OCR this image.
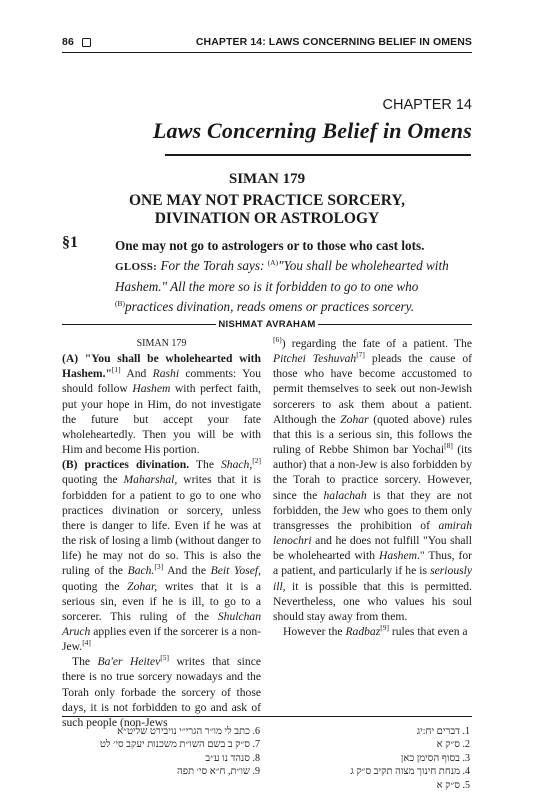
86	CHAPTER 14: LAWS CONCERNING BELIEF IN OMENS
CHAPTER 14
Laws Concerning Belief in Omens
SIMAN 179
ONE MAY NOT PRACTICE SORCERY,
DIVINATION OR ASTROLOGY
§1	One may not go to astrologers or to those who cast lots.
GLOSS: For the Torah says: $^{(A)}$"You shall be wholehearted with Hashem." All the more so is it forbidden to go to one who $^{(B)}$practices divination, reads omens or practices sorcery.
NISHMAT AVRAHAM

SIMAN 179

(A) "You shall be wholehearted with Hashem."[1] And Rashi comments: You should follow Hashem with perfect faith, put your hope in Him, do not investigate the future but accept your fate wholeheartedly. Then you will be with Him and become His portion.

(B) practices divination. The Shach,[2] quoting the Maharshal, writes that it is forbidden for a patient to go to one who practices divination or sorcery, unless there is danger to life. Even if he was at the risk of losing a limb (without danger to life) he may not do so. This is also the ruling of the Bach.[3] And the Beit Yosef, quoting the Zohar, writes that it is a serious sin, even if he is ill, to go to a sorcerer. This ruling of the Shulchan Aruch applies even if the sorcerer is a non-Jew.[4]

The Ba'er Heitev[5] writes that since there is no true sorcery nowadays and the Torah only forbade the sorcery of those days, it is not forbidden to go and ask of such people (non-Jews

[6]) regarding the fate of a patient. The Pitchei Teshuvah[7] pleads the cause of those who have become accustomed to permit themselves to seek out non-Jewish sorcerers to ask them about a patient. Although the Zohar (quoted above) rules that this is a serious sin, this follows the ruling of Rebbe Shimon bar Yochai[8] (its author) that a non-Jew is also forbidden by the Torah to practice sorcery. However, since the halachah is that they are not forbidden, the Jew who goes to them only transgresses the prohibition of amirah lenochri and he does not fulfill "You shall be wholehearted with Hashem." Thus, for a patient, and particularly if he is seriously ill, it is possible that this is permitted. Nevertheless, one who values his soul should stay away from them.

However the Radbaz[9] rules that even a

1. דברים יח:יג
2. ס״ק א
3. בסוף הסימן כאן
4. מנחת חינוך מצוה תקיב ס״ק ג
5. ס״ק א
6. כתב לי מו״ר הגרי״י נויבירט שליט״א
7. ס״ק ב בשם השו״ת משכנות יעקב סי׳ לט
8. סנהד נו ע״ב
9. שו״ת, ח״א סי׳ תפה
